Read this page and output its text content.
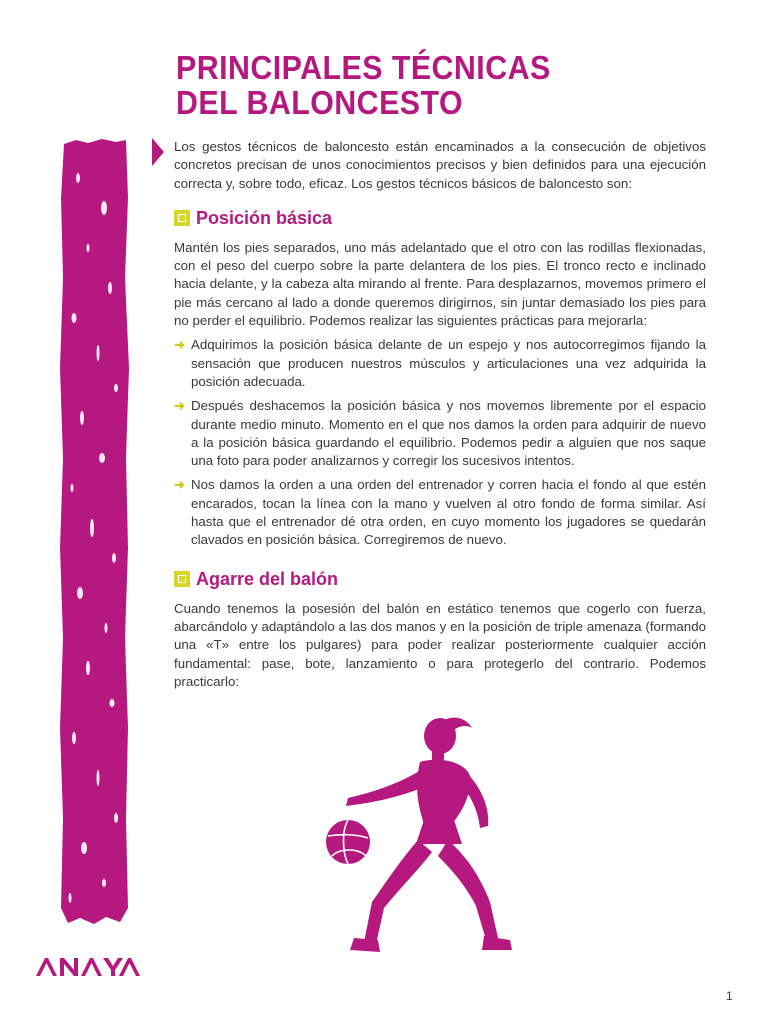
PRINCIPALES TÉCNICAS
DEL BALONCESTO

Los gestos técnicos de baloncesto están encaminados a la consecución de objetivos concretos precisan de unos conocimientos precisos y bien definidos para una ejecución correcta y, sobre todo, eficaz. Los gestos técnicos básicos de baloncesto son:

Posición básica

Mantén los pies separados, uno más adelantado que el otro con las rodillas flexionadas, con el peso del cuerpo sobre la parte delantera de los pies. El tronco recto e inclinado hacia delante, y la cabeza alta mirando al frente. Para desplazarnos, movemos primero el pie más cercano al lado a donde queremos dirigirnos, sin juntar demasiado los pies para no perder el equilibrio. Podemos realizar las siguientes prácticas para mejorarla:

➜ Adquirimos la posición básica delante de un espejo y nos autocorregimos fijando la sensación que producen nuestros músculos y articulaciones una vez adquirida la posición adecuada.
➜ Después deshacemos la posición básica y nos movemos libremente por el espacio durante medio minuto. Momento en el que nos damos la orden para adquirir de nuevo a la posición básica guardando el equilibrio. Podemos pedir a alguien que nos saque una foto para poder analizarnos y corregir los sucesivos intentos.
➜ Nos damos la orden a una orden del entrenador y corren hacia el fondo al que estén encarados, tocan la línea con la mano y vuelven al otro fondo de forma similar. Así hasta que el entrenador dé otra orden, en cuyo momento los jugadores se quedarán clavados en posición básica. Corregiremos de nuevo.
Agarre del balón

Cuando tenemos la posesión del balón en estático tenemos que cogerlo con fuerza, abarcándolo y adaptándolo a las dos manos y en la posición de triple amenaza (formando una «T» entre los pulgares) para poder realizar posteriormente cualquier acción fundamental: pase, bote, lanzamiento o para protegerlo del contrario. Podemos practicarlo:

1
